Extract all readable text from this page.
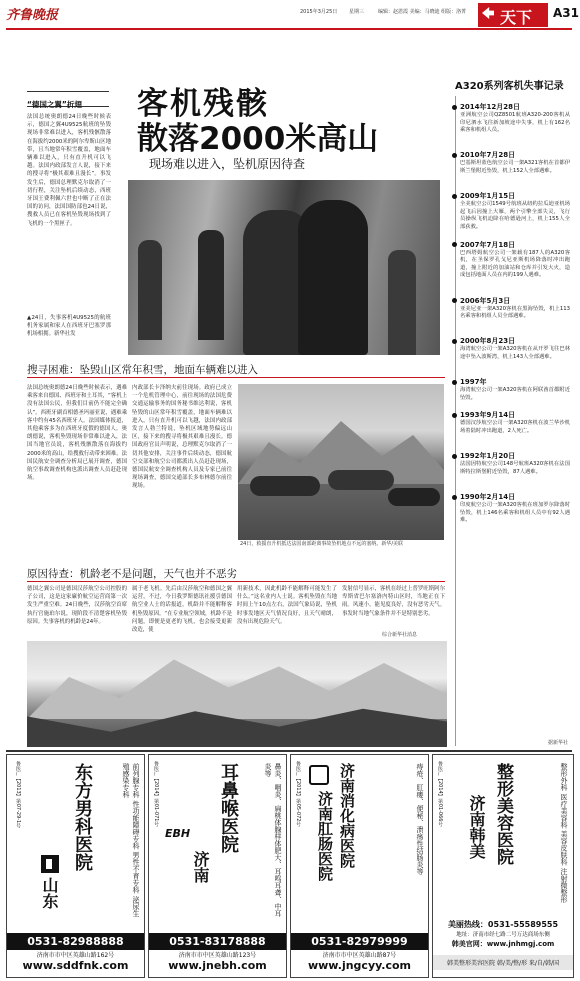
齐鲁晚报	2015年3月25日 星期三	编辑：赵恩霞 美编：马晓迪 组版：洛菁 天下 A31
“德国之翼”折翅	客机残骸
散落2000米高山
现场难以进入，坠机原因待查
法国总统奥朗德24日晚些时候表示，德国之翼4U9525航班的坠毁现场非常难以进入，客机残骸散落在海拔约2000米的阿尔卑斯山区地带，且当地常年积雪覆盖，地面车辆难以进入，只有直升机可以飞越。法国内政部发言人说，接下来的搜寻将“极其艰难且漫长”。事发发生后，德国总理默克尔取消了一切行程，关注坠机后续动态，西班牙国王费利佩六世也中断了正在法国的访问，法国国防部也24日说，搜救人员已在客机坠毁现场找到了飞机的一个黑匣子。
▲24日，失事客机4U9525的航班机务家属和家人在西班牙巴塞罗那机场相拥。新华社发
A320系列客机失事记录
2014年12月28日
亚洲航空公司QZ8501航班A320-200客机从印尼泗水飞往新加坡途中失事，机上有162名乘客和机组人员。
2010年7月28日
巴基斯坦蓝色航空公司一架A321客机在首都伊斯兰堡附近坠毁，机上152人全部遇难。
2009年1月15日
全美航空公司1549号航班从纽约拉瓜迪亚机场起飞后因撞上大雁，两个引擎全部失灵，飞行员操纵飞机迫降在哈德逊河上，机上155人全部获救。
2007年7月18日
巴西塔姆航空公司一架载有187人的A320客机，在圣保罗孔戈尼亚斯机场降落时冲出跑道，撞上附近的加油站和仓库并引发大火，造成包括地面人员在内的199人遇难。
2006年5月3日
亚美尼亚一架A320客机在黑海坠毁，机上113名乘客和机组人员全部遇难。
2000年8月23日
海湾航空公司一架A320客机在从开罗飞往巴林途中坠入波斯湾，机上143人全部遇难。
1997年
海湾航空公司一架A320客机在阿联酋首都附近坠毁。
1993年9月14日
德国汉莎航空公司一架A320客机在波兰华沙机场着陆时冲出跑道，2人死亡。
1992年1月20日
法国因特航空公司148号航班A320客机在法国斯特拉斯堡附近坠毁，87人遇难。
1990年2月14日
印度航空公司一架A320客机在班加罗尔降落时坠毁，机上146名乘客和机组人员中有92人遇难。
据新华社
搜寻困难：坠毁山区常年积雪，地面车辆难以进入
法国总统奥朗德24日晚些时候表示，遇难乘客来自德国、西班牙和土耳其，“客机上没有法国公民，但我们目前仍不能完全确认”。西班牙副首相德圣玛丽亚说，遇难乘客中约有45名西班牙人。法国媒体报道，其他乘客多为在西班牙度假的德国人。奥朗德说，客机坠毁现场非常难以进入，法国当地官员说，客机残骸散落在海拔约2000米的高山，给搜救行动带来困难。法国民航安全调查分析局已展开调查，德国航空事故调查机构也派出调查人员赶赴现场。
内政部长卡泽纳夫前往现场。政府已成立一个危机管理中心，前往现场的法国危费交通运输事务的国务秘书维达利说，客机坠毁的山区常年积雪覆盖，地面车辆难以进入，只有直升机可以飞越，法国内政部发言人勃兰特说，坠机区域地势偏远山区，接下来的搜寻将极其艰难且漫长。德国政府官员声明说，总理默克尔取消了一切其他安排，关注事件后续动态，德国航空交部和航空公司都派出人员赶赴现场，德国民航安全调查机构人员及专家已前往现场调查，德国交通部长多布林德尔前往现场。
24日，救援直升机抵达法国南部距离事故坠机地点不远的塞纳。新华/美联
原因待查：机龄老不是问题，天气也并不恶劣
德国之翼公司是德国汉莎航空公司控股的子公司，这是这家廉价航空运营商第一次发生严重空难。24日晚些，汉莎航空首席执行官施珀尔说，现阶段不清楚客机坠毁原因。失事客机的机龄是24年。
属于老飞机。先后由汉莎航空和德国之翼运营，不过，今日我罗斯德讯社援引德国航空业人士的话报道，机龄并不能解释客机坠毁原因。“在专业航空领域，机龄不是问题，即便是更老的飞机，也会接受更新改造，使
用新技术，因此机龄不能解释可能发生了什么。”这名业内人士说。客机坠毁在当地时间上午10点左右，法国气象局说，坠机时事发地区天气情况良好，且天气晴朗，没有出现危险天气。
发射信号显示，客机在经过上普罗旺斯阿尔卑斯省巴尔塞洛内特山区时，当地正在下雨。风速小，能见度良好，没有恶劣天气。事发时当地气象条件并不是特别恶劣。
综合新华社消息
鲁医广【2013】第07-29-1号
山东
东方男科医院	前列腺专科 性功能障碍专科 男性不育专科 泌尿生殖感染专科
0531-82988888
济南市市中区英雄山路162号
www.sddfnk.com
鲁医广【2014】第01-071号
EBH
济南
耳鼻喉医院	鼻炎、咽炎、扁桃体腺样体肥大、耳鸣耳聋、中耳炎等
0531-83178888
济南市市中区英雄山路123号
www.jnebh.com
鲁医广【2013】第05-072号 济南消化病医院
济南肛肠医院	痔疮、肛瘘、便秘、溃疡性结肠炎等
0531-82979999
济南市市中区英雄山路87号
www.jngcyy.com
鲁医广【2014】第01-066号	整形美容医院
济南韩美	整形外科 医疗美容科 美容皮肤科 注射微整形
美丽热线：0531-55589555
地址：济南市经七路二号万达商场东侧
韩美官网：www.jnhmgj.com
韩美整形美容医院 韩/美/整/形 来/自/韩/国
